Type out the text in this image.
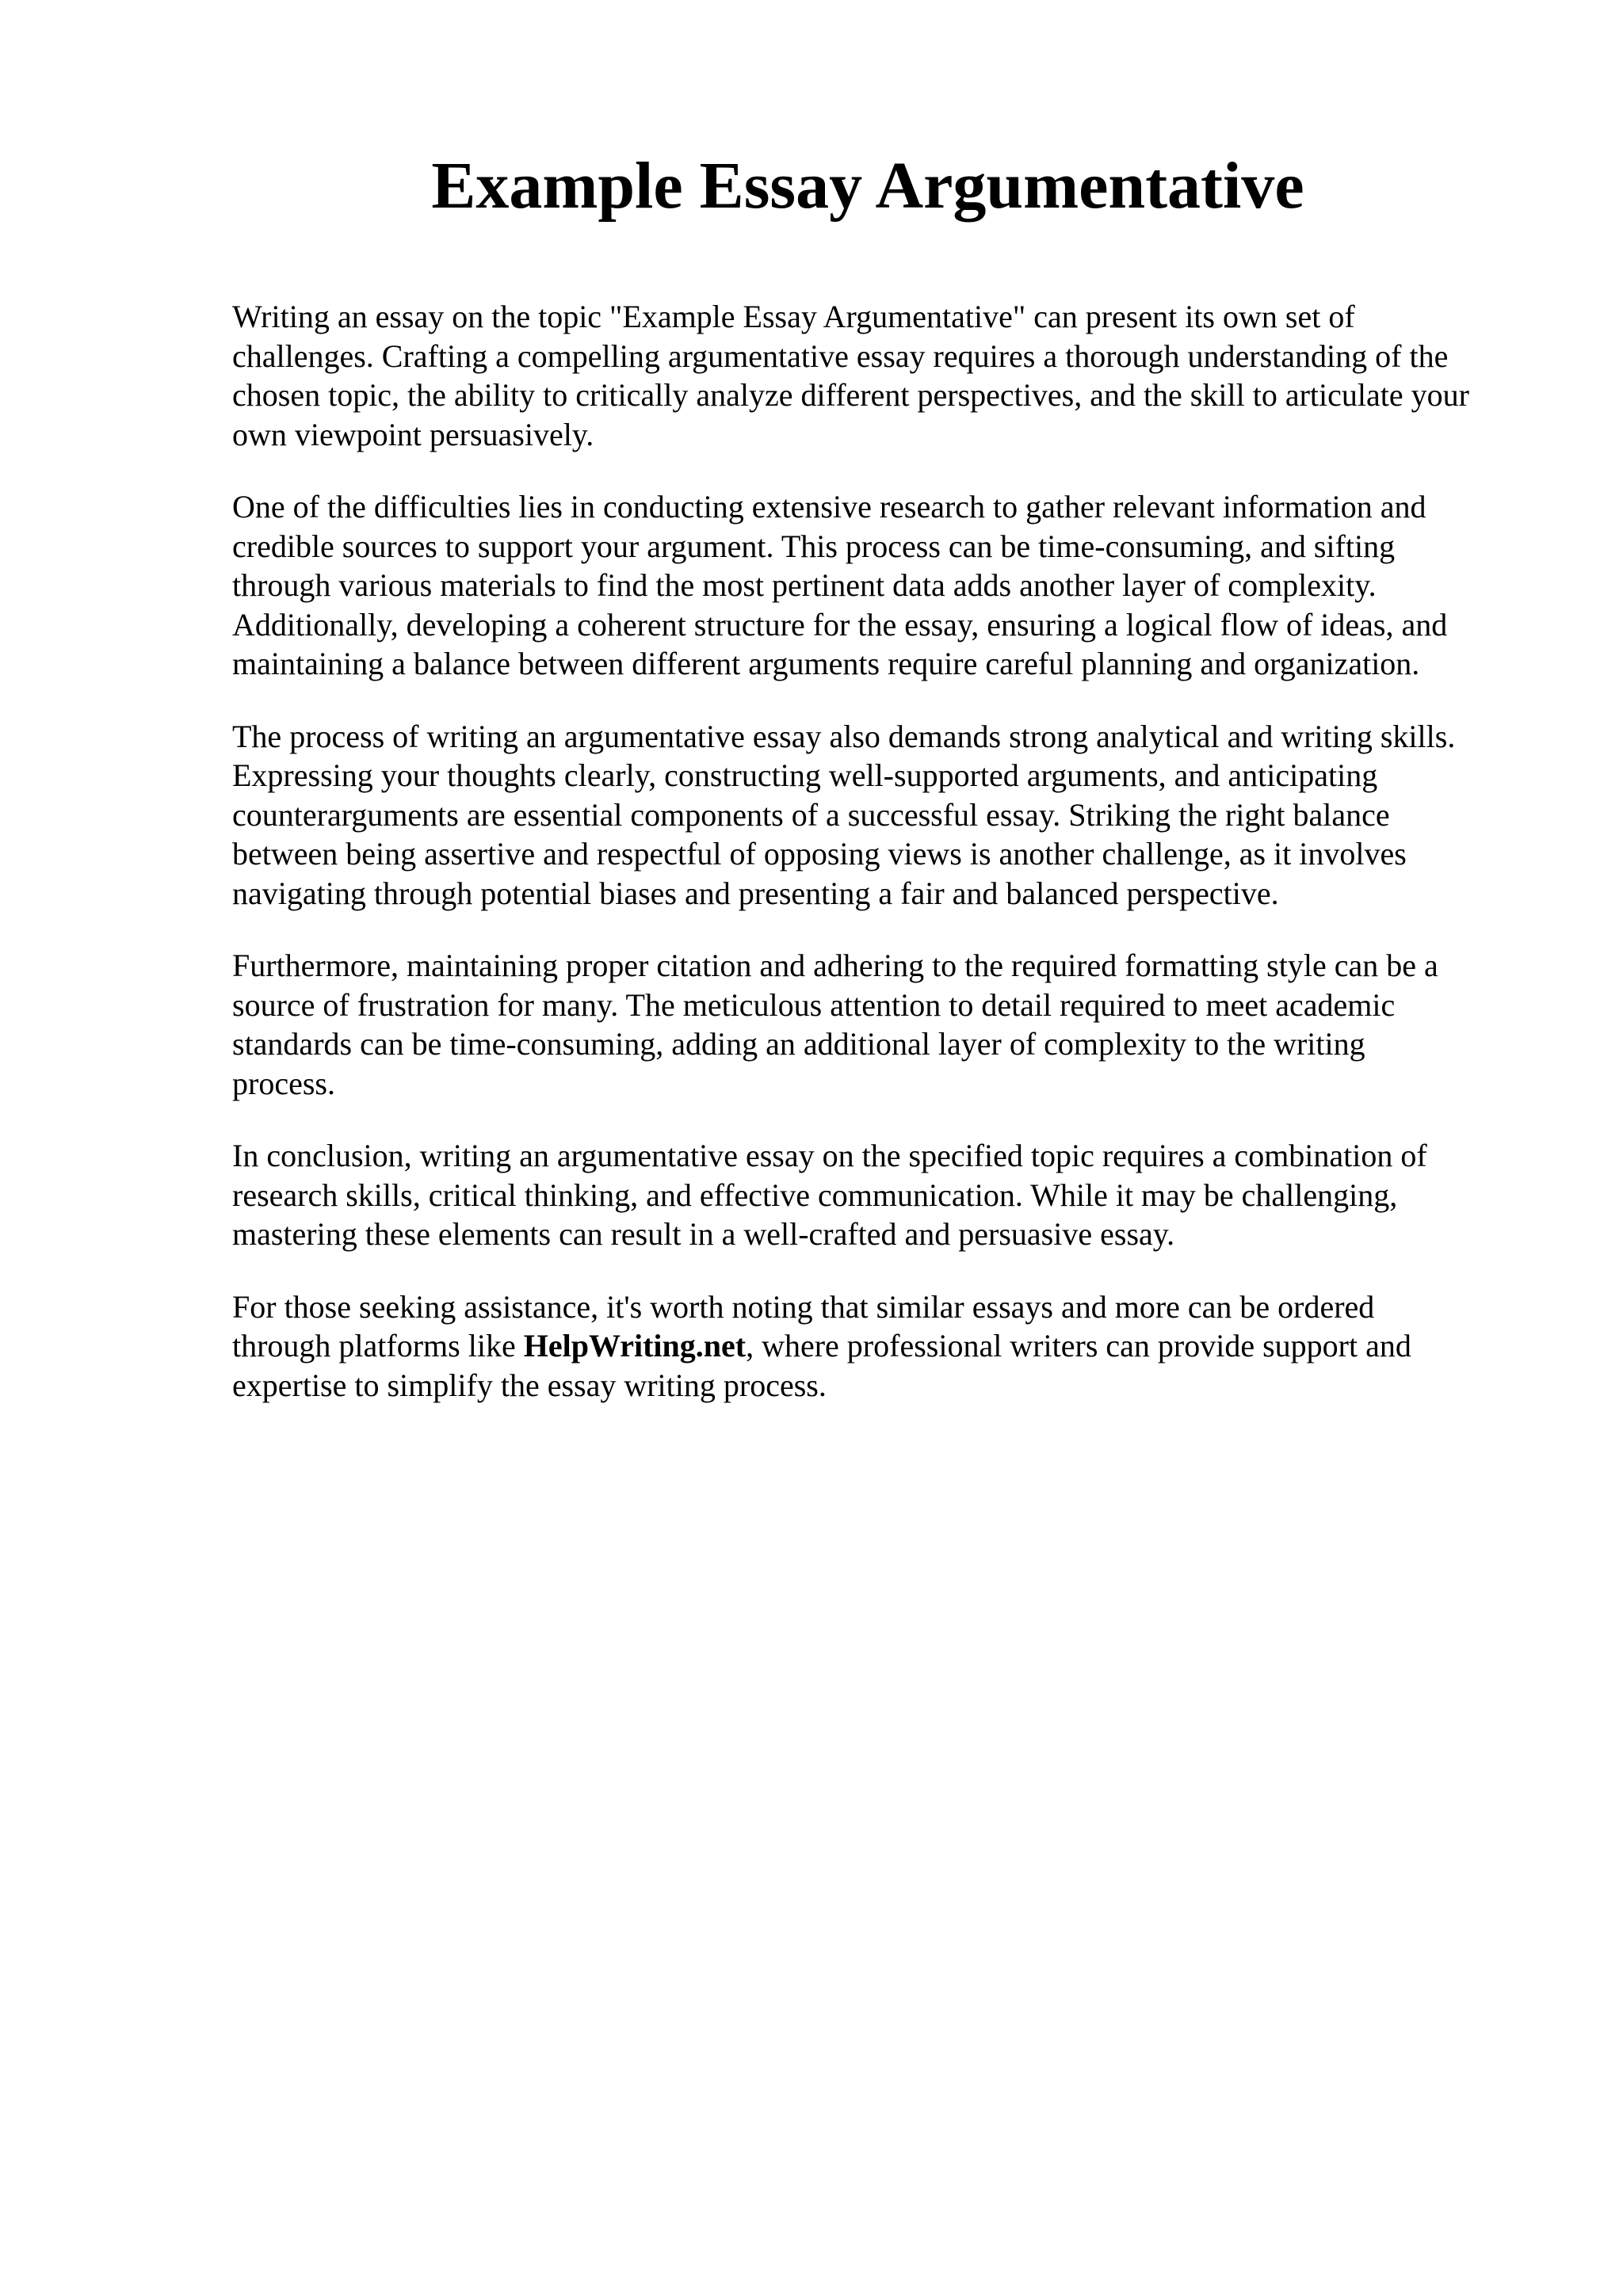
Example Essay Argumentative

Writing an essay on the topic "Example Essay Argumentative" can present its own set of
challenges. Crafting a compelling argumentative essay requires a thorough understanding of the
chosen topic, the ability to critically analyze different perspectives, and the skill to articulate your
own viewpoint persuasively.

One of the difficulties lies in conducting extensive research to gather relevant information and
credible sources to support your argument. This process can be time-consuming, and sifting
through various materials to find the most pertinent data adds another layer of complexity.
Additionally, developing a coherent structure for the essay, ensuring a logical flow of ideas, and
maintaining a balance between different arguments require careful planning and organization.

The process of writing an argumentative essay also demands strong analytical and writing skills.
Expressing your thoughts clearly, constructing well-supported arguments, and anticipating
counterarguments are essential components of a successful essay. Striking the right balance
between being assertive and respectful of opposing views is another challenge, as it involves
navigating through potential biases and presenting a fair and balanced perspective.

Furthermore, maintaining proper citation and adhering to the required formatting style can be a
source of frustration for many. The meticulous attention to detail required to meet academic
standards can be time-consuming, adding an additional layer of complexity to the writing
process.

In conclusion, writing an argumentative essay on the specified topic requires a combination of
research skills, critical thinking, and effective communication. While it may be challenging,
mastering these elements can result in a well-crafted and persuasive essay.

For those seeking assistance, it's worth noting that similar essays and more can be ordered
through platforms like HelpWriting.net, where professional writers can provide support and
expertise to simplify the essay writing process.
